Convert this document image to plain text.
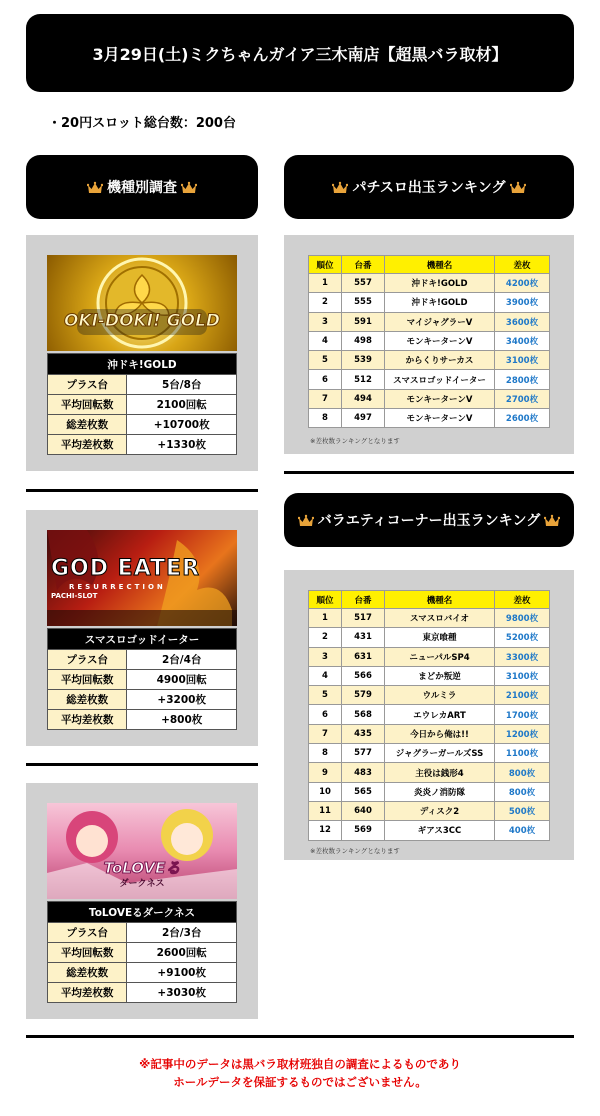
3月29日(土)ミクちゃんガイア三木南店【超黒バラ取材】
・20円スロット総台数：200台
機種別調査	パチスロ出玉ランキング
バラエティコーナー出玉ランキング
OKI-DOKI! GOLD
沖ドキ!GOLD	
プラス台	5台/8台
平均回転数	2100回転
総差枚数	+10700枚
平均差枚数	+1330枚
GOD EATER
RESURRECTION
PACHI-SLOT
スマスロゴッドイーター	
プラス台	2台/4台
平均回転数	4900回転
総差枚数	+3200枚
平均差枚数	+800枚
ToLOVEる
ダークネス
ToLOVEるダークネス	
プラス台	2台/3台
平均回転数	2600回転
総差枚数	+9100枚
平均差枚数	+3030枚
順位	台番	機種名	差枚
1	557	沖ドキ!GOLD	4200枚
2	555	沖ドキ!GOLD	3900枚
3	591	マイジャグラーV	3600枚
4	498	モンキーターンV	3400枚
5	539	からくりサーカス	3100枚
6	512	スマスロゴッドイーター	2800枚
7	494	モンキーターンV	2700枚
8	497	モンキーターンV	2600枚
※差枚数ランキングとなります
順位	台番	機種名	差枚
1	517	スマスロバイオ	9800枚
2	431	東京喰種	5200枚
3	631	ニューパルSP4	3300枚
4	566	まどか叛逆	3100枚
5	579	ウルミラ	2100枚
6	568	エウレカART	1700枚
7	435	今日から俺は!!	1200枚
8	577	ジャグラーガールズSS	1100枚
9	483	主役は銭形4	800枚
10	565	炎炎ノ消防隊	800枚
11	640	ディスク2	500枚
12	569	ギアス3CC	400枚
※差枚数ランキングとなります
※記事中のデータは黒バラ取材班独自の調査によるものであり
ホールデータを保証するものではございません。
